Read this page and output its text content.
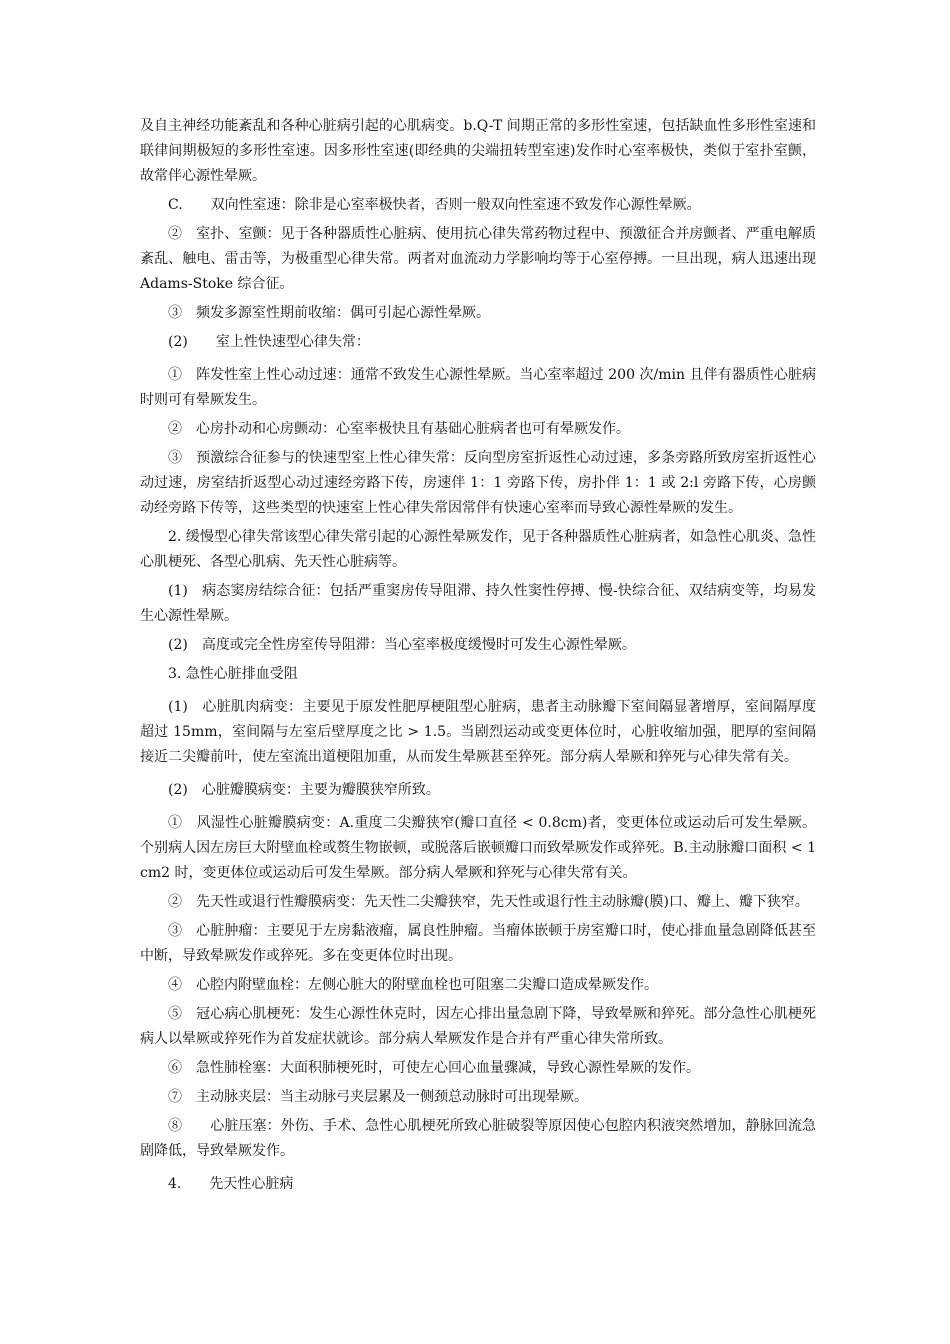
及自主神经功能紊乱和各种心脏病引起的心肌病变。b.Q-T 间期正常的多形性室速，包括缺血性多形性室速和联律间期极短的多形性室速。因多形性室速(即经典的尖端扭转型室速)发作时心室率极快，类似于室扑室颤，故常伴心源性晕厥。

C.　　双向性室速：除非是心室率极快者，否则一般双向性室速不致发作心源性晕厥。

②　室扑、室颤：见于各种器质性心脏病、使用抗心律失常药物过程中、预激征合并房颤者、严重电解质紊乱、触电、雷击等，为极重型心律失常。两者对血流动力学影响均等于心室停搏。一旦出现，病人迅速出现 Adams-Stoke 综合征。

③　频发多源室性期前收缩：偶可引起心源性晕厥。

(2)　　室上性快速型心律失常：

①　阵发性室上性心动过速：通常不致发生心源性晕厥。当心室率超过 200 次/min 且伴有器质性心脏病时则可有晕厥发生。

②　心房扑动和心房颤动：心室率极快且有基础心脏病者也可有晕厥发作。

③　预激综合征参与的快速型室上性心律失常：反向型房室折返性心动过速，多条旁路所致房室折返性心动过速，房室结折返型心动过速经旁路下传，房速伴 1：1 旁路下传，房扑伴 1：1 或 2:l 旁路下传，心房颤动经旁路下传等，这些类型的快速室上性心律失常因常伴有快速心室率而导致心源性晕厥的发生。

2. 缓慢型心律失常该型心律失常引起的心源性晕厥发作，见于各种器质性心脏病者，如急性心肌炎、急性心肌梗死、各型心肌病、先天性心脏病等。

(1)　病态窦房结综合征：包括严重窦房传导阻滞、持久性窦性停搏、慢-快综合征、双结病变等，均易发生心源性晕厥。

(2)　高度或完全性房室传导阻滞：当心室率极度缓慢时可发生心源性晕厥。

3. 急性心脏排血受阻

(1)　心脏肌肉病变：主要见于原发性肥厚梗阻型心脏病，患者主动脉瓣下室间隔显著增厚，室间隔厚度超过 15mm，室间隔与左室后壁厚度之比 > 1.5。当剧烈运动或变更体位时，心脏收缩加强，肥厚的室间隔接近二尖瓣前叶，使左室流出道梗阻加重，从而发生晕厥甚至猝死。部分病人晕厥和猝死与心律失常有关。

(2)　心脏瓣膜病变：主要为瓣膜狭窄所致。

①　风湿性心脏瓣膜病变：A.重度二尖瓣狭窄(瓣口直径 < 0.8cm)者，变更体位或运动后可发生晕厥。个别病人因左房巨大附壁血栓或赘生物嵌顿，或脱落后嵌顿瓣口而致晕厥发作或猝死。B.主动脉瓣口面积 < 1cm2 时，变更体位或运动后可发生晕厥。部分病人晕厥和猝死与心律失常有关。

②　先天性或退行性瓣膜病变：先天性二尖瓣狭窄，先天性或退行性主动脉瓣(膜)口、瓣上、瓣下狭窄。

③　心脏肿瘤：主要见于左房黏液瘤，属良性肿瘤。当瘤体嵌顿于房室瓣口时，使心排血量急剧降低甚至中断，导致晕厥发作或猝死。多在变更体位时出现。

④　心腔内附壁血栓：左侧心脏大的附壁血栓也可阻塞二尖瓣口造成晕厥发作。

⑤　冠心病心肌梗死：发生心源性休克时，因左心排出量急剧下降，导致晕厥和猝死。部分急性心肌梗死病人以晕厥或猝死作为首发症状就诊。部分病人晕厥发作是合并有严重心律失常所致。

⑥　急性肺栓塞：大面积肺梗死时，可使左心回心血量骤减，导致心源性晕厥的发作。

⑦　主动脉夹层：当主动脉弓夹层累及一侧颈总动脉时可出现晕厥。

⑧　　心脏压塞：外伤、手术、急性心肌梗死所致心脏破裂等原因使心包腔内积液突然增加，静脉回流急剧降低，导致晕厥发作。

4.　　先天性心脏病
